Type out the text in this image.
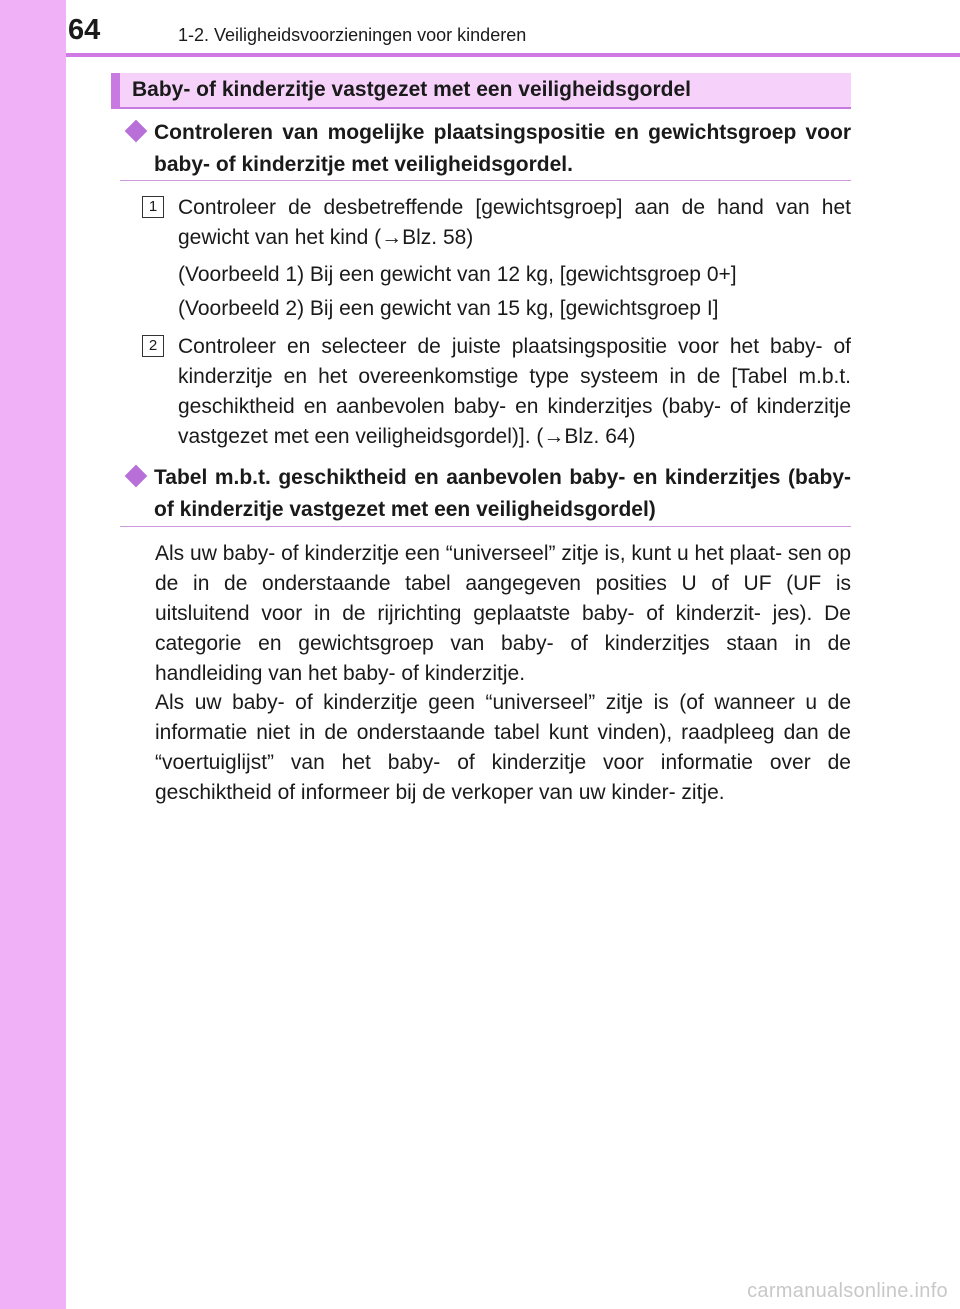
64	1-2. Veiligheidsvoorzieningen voor kinderen
Baby- of kinderzitje vastgezet met een veiligheidsgordel
Controleren van mogelijke plaatsingspositie en gewichtsgroep voor baby- of kinderzitje met veiligheidsgordel.
1 Controleer de desbetreffende [gewichtsgroep] aan de hand van het gewicht van het kind (→Blz. 58)
(Voorbeeld 1) Bij een gewicht van 12 kg, [gewichtsgroep 0+]
(Voorbeeld 2) Bij een gewicht van 15 kg, [gewichtsgroep I]
2 Controleer en selecteer de juiste plaatsingspositie voor het baby- of kinderzitje en het overeenkomstige type systeem in de [Tabel m.b.t. geschiktheid en aanbevolen baby- en kinderzitjes (baby- of kinderzitje vastgezet met een veiligheidsgordel)]. (→Blz. 64)
Tabel m.b.t. geschiktheid en aanbevolen baby- en kinderzitjes (baby- of kinderzitje vastgezet met een veiligheidsgordel)
Als uw baby- of kinderzitje een “universeel” zitje is, kunt u het plaat- sen op de in de onderstaande tabel aangegeven posities U of UF (UF is uitsluitend voor in de rijrichting geplaatste baby- of kinderzit- jes). De categorie en gewichtsgroep van baby- of kinderzitjes staan in de handleiding van het baby- of kinderzitje.
Als uw baby- of kinderzitje geen “universeel” zitje is (of wanneer u de informatie niet in de onderstaande tabel kunt vinden), raadpleeg dan de “voertuiglijst” van het baby- of kinderzitje voor informatie over de geschiktheid of informeer bij de verkoper van uw kinder- zitje.
carmanualsonline.info
